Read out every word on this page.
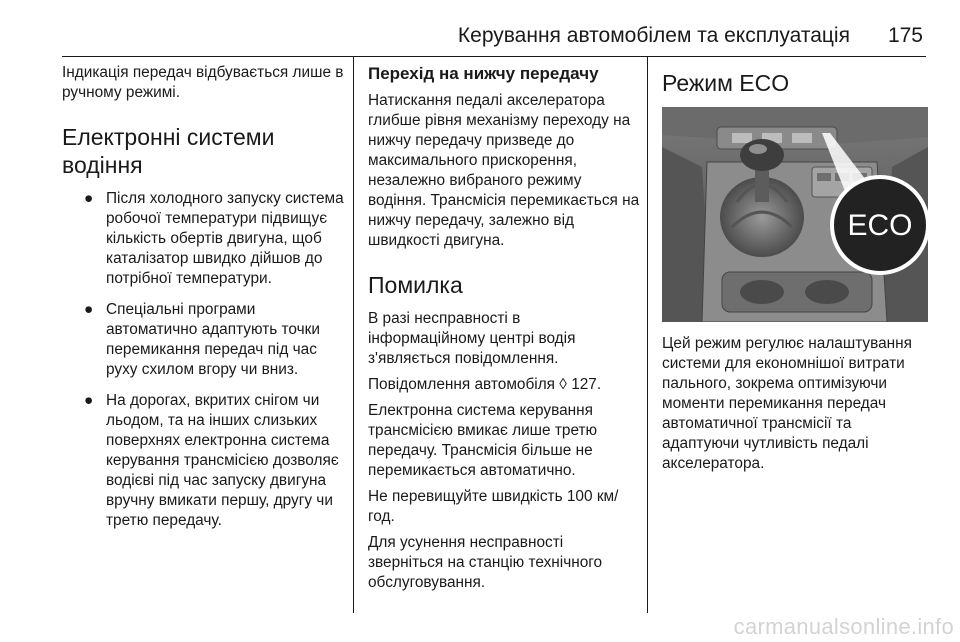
Керування автомобілем та експлуатація 175

Індикація передач відбувається лише в ручному режимі.

Електронні системи водіння
● Після холодного запуску система робочої температури підвищує кількість обертів двигуна, щоб каталізатор швидко дійшов до потрібної температури.
● Спеціальні програми автоматично адаптують точки перемикання передач під час руху схилом вгору чи вниз.
● На дорогах, вкритих снігом чи льодом, та на інших слизьких поверхнях електронна система керування трансмісією дозволяє водієві під час запуску двигуна вручну вмикати першу, другу чи третю передачу.
Перехід на нижчу передачу

Натискання педалі акселератора глибше рівня механізму переходу на нижчу передачу призведе до максимального прискорення, незалежно вибраного режиму водіння. Трансмісія перемикається на нижчу передачу, залежно від швидкості двигуна.

Помилка

В разі несправності в інформаційному центрі водія з'являється повідомлення.

Повідомлення автомобіля ◊ 127.

Електронна система керування трансмісією вмикає лише третю передачу. Трансмісія більше не перемикається автоматично.

Не перевищуйте швидкість 100 км/год.

Для усунення несправності зверніться на станцію технічного обслуговування.

Режим ECO
ECO

Цей режим регулює налаштування системи для економнішої витрати пального, зокрема оптимізуючи моменти перемикання передач автоматичної трансмісії та адаптуючи чутливість педалі акселератора.

carmanualsonline.info
